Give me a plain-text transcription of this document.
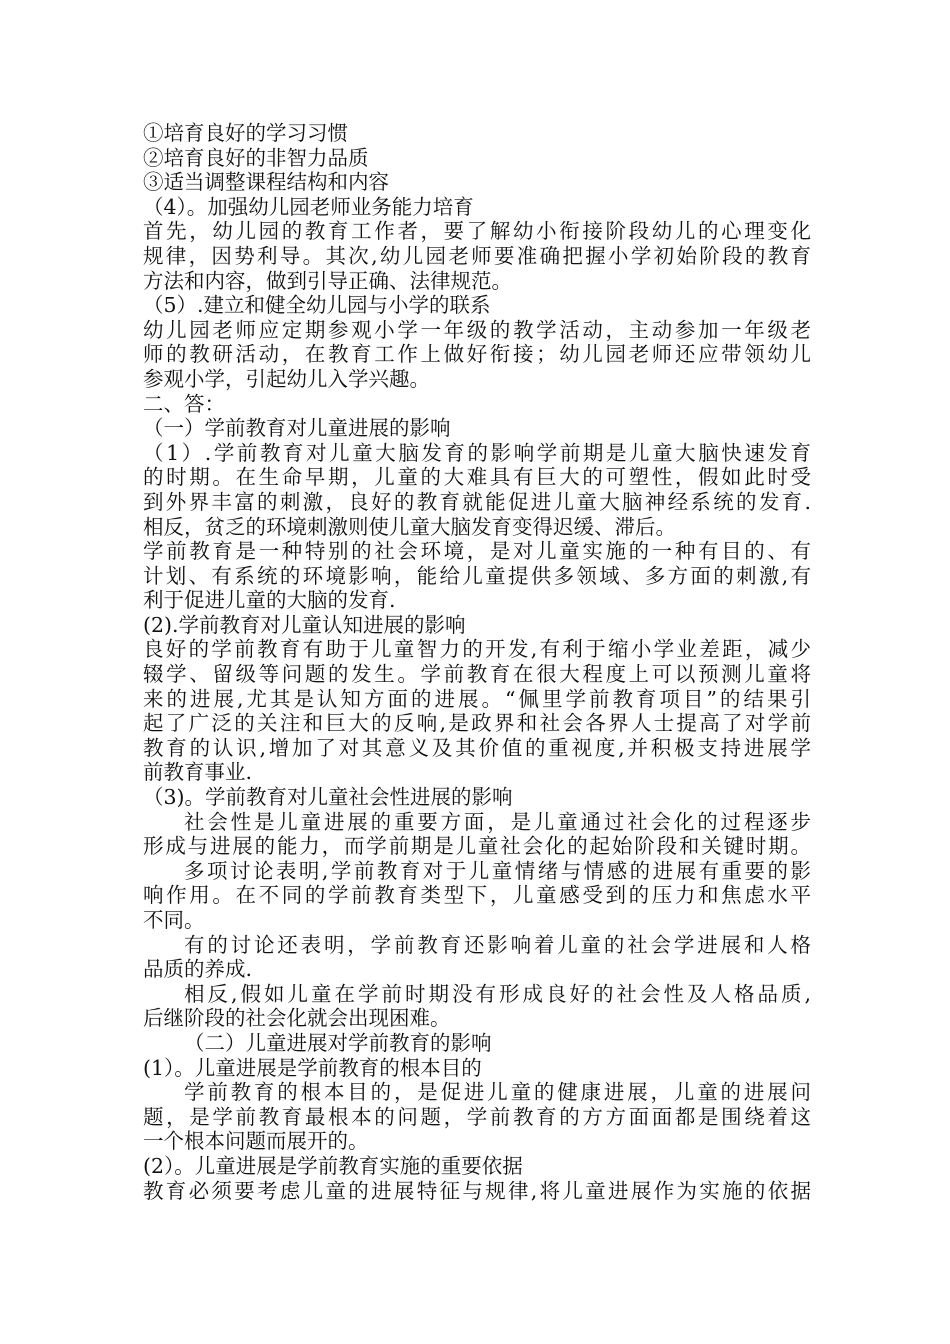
①培育良好的学习习惯
②培育良好的非智力品质
③适当调整课程结构和内容
（4）。加强幼儿园老师业务能力培育
首先，幼儿园的教育工作者，要了解幼小衔接阶段幼儿的心理变化
规律，因势利导。其次,幼儿园老师要准确把握小学初始阶段的教育
方法和内容，做到引导正确、法律规范。
（5）.建立和健全幼儿园与小学的联系
幼儿园老师应定期参观小学一年级的教学活动，主动参加一年级老
师的教研活动，在教育工作上做好衔接；幼儿园老师还应带领幼儿
参观小学，引起幼儿入学兴趣。
二、答：
（一）学前教育对儿童进展的影响
（1）.学前教育对儿童大脑发育的影响学前期是儿童大脑快速发育
的时期。在生命早期，儿童的大难具有巨大的可塑性，假如此时受
到外界丰富的刺激，良好的教育就能促进儿童大脑神经系统的发育.
相反，贫乏的环境刺激则使儿童大脑发育变得迟缓、滞后。
学前教育是一种特别的社会环境，是对儿童实施的一种有目的、有
计划、有系统的环境影响，能给儿童提供多领域、多方面的刺激,有
利于促进儿童的大脑的发育.
(2).学前教育对儿童认知进展的影响
良好的学前教育有助于儿童智力的开发,有利于缩小学业差距，减少
辍学、留级等问题的发生。学前教育在很大程度上可以预测儿童将
来的进展,尤其是认知方面的进展。“佩里学前教育项目”的结果引
起了广泛的关注和巨大的反响,是政界和社会各界人士提高了对学前
教育的认识,增加了对其意义及其价值的重视度,并积极支持进展学
前教育事业.
（3)。学前教育对儿童社会性进展的影响
社会性是儿童进展的重要方面，是儿童通过社会化的过程逐步
形成与进展的能力，而学前期是儿童社会化的起始阶段和关键时期。
多项讨论表明,学前教育对于儿童情绪与情感的进展有重要的影
响作用。在不同的学前教育类型下，儿童感受到的压力和焦虑水平
不同。
有的讨论还表明，学前教育还影响着儿童的社会学进展和人格
品质的养成.
相反,假如儿童在学前时期没有形成良好的社会性及人格品质,
后继阶段的社会化就会出现困难。
（二）儿童进展对学前教育的影响
(1）。儿童进展是学前教育的根本目的
学前教育的根本目的，是促进儿童的健康进展，儿童的进展问
题，是学前教育最根本的问题，学前教育的方方面面都是围绕着这
一个根本问题而展开的。
(2）。儿童进展是学前教育实施的重要依据
教育必须要考虑儿童的进展特征与规律,将儿童进展作为实施的依据
